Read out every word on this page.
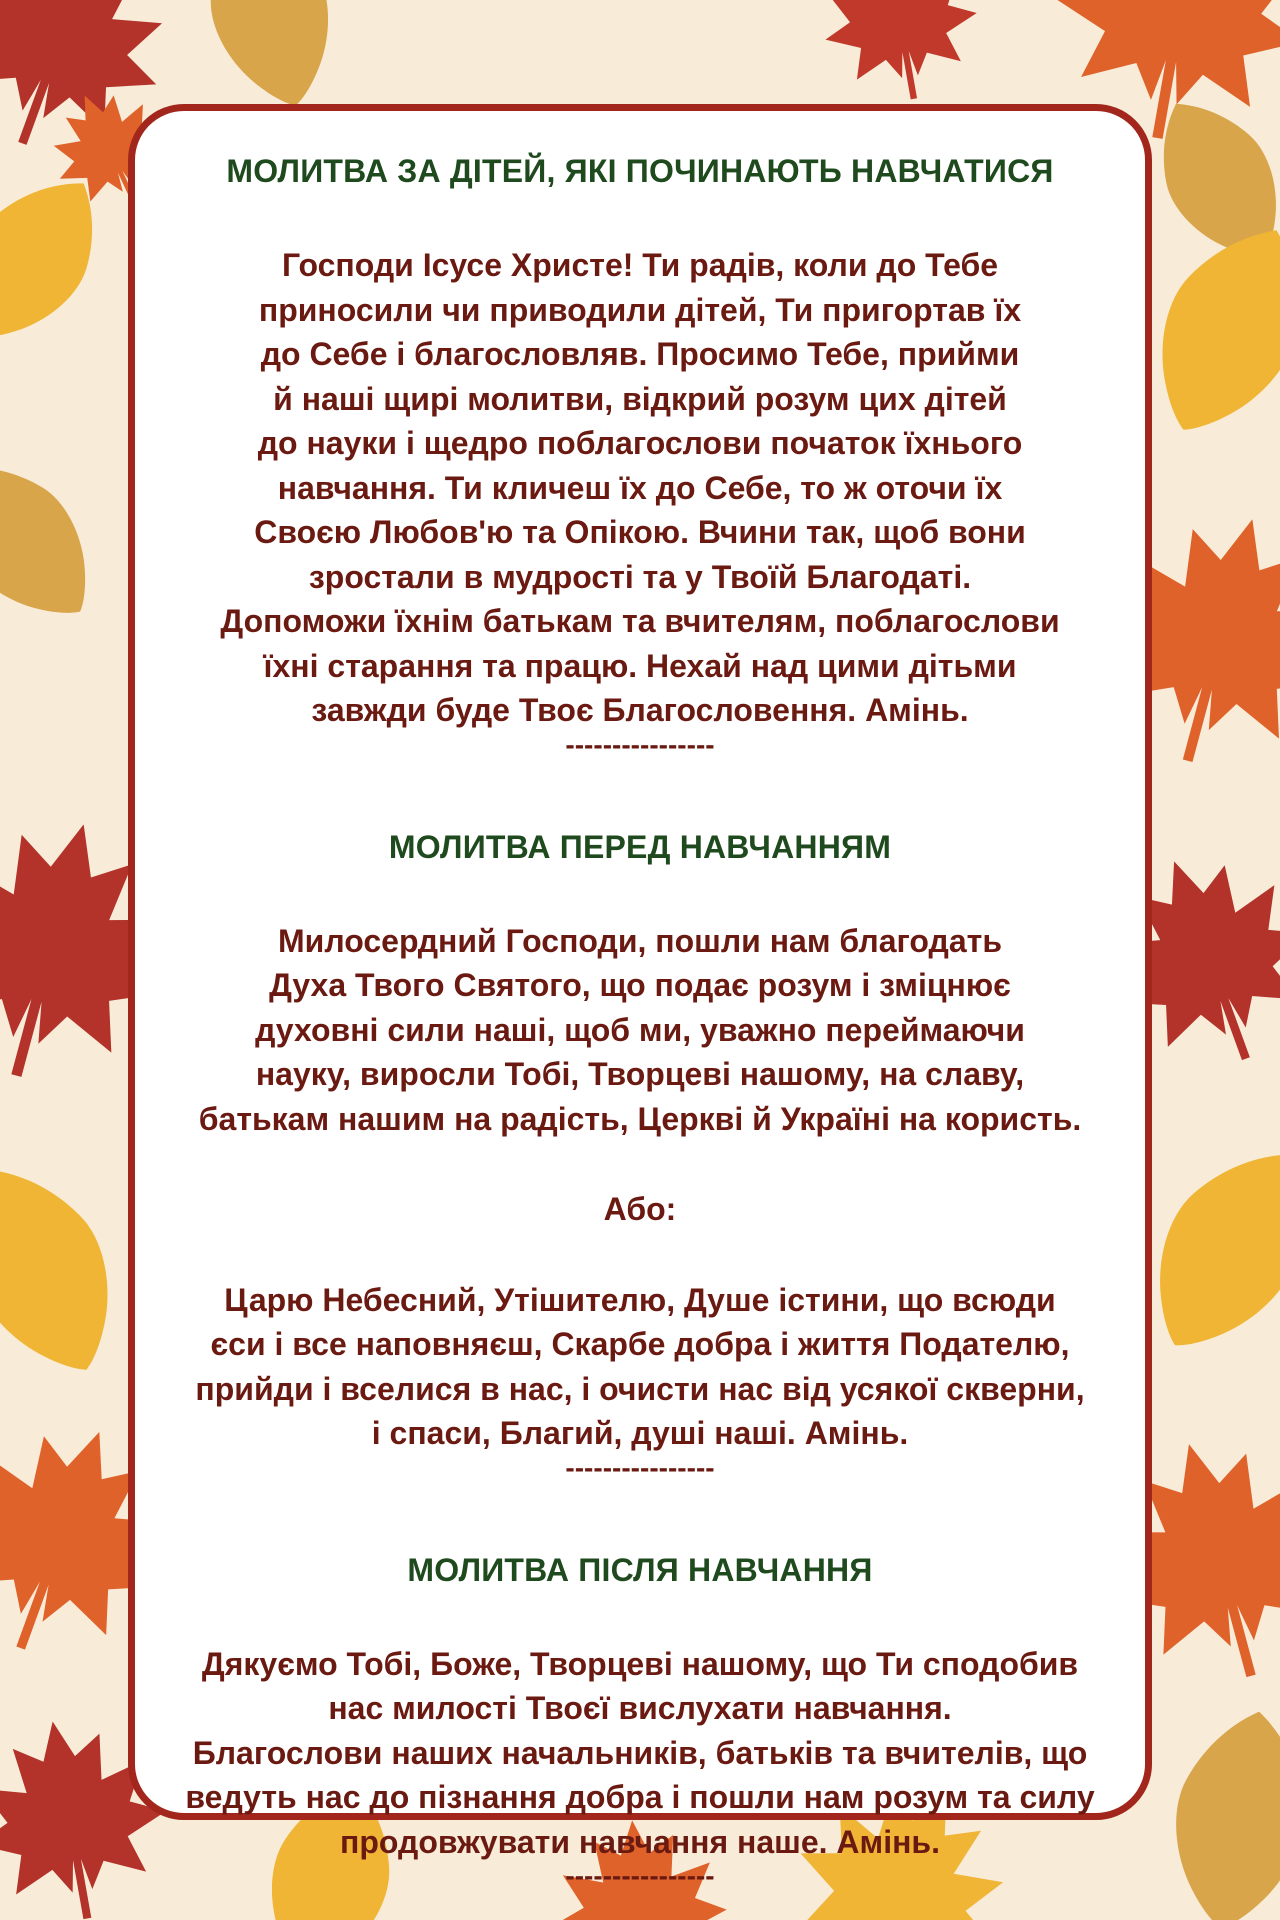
МОЛИТВА ЗА ДІТЕЙ, ЯКІ ПОЧИНАЮТЬ НАВЧАТИСЯ
Господи Ісусе Христе! Ти радів, коли до Тебе
приносили чи приводили дітей, Ти пригортав їх
до Себе і благословляв. Просимо Тебе, прийми
й наші щирі молитви, відкрий розум цих дітей
до науки і щедро поблагослови початок їхнього
навчання. Ти кличеш їх до Себе, то ж оточи їх
Своєю Любов'ю та Опікою. Вчини так, щоб вони
зростали в мудрості та у Твоїй Благодаті.
Допоможи їхнім батькам та вчителям, поблагослови
їхні старання та працю. Нехай над цими дітьми
завжди буде Твоє Благословення. Амінь.
----------------
МОЛИТВА ПЕРЕД НАВЧАННЯМ
Милосердний Господи, пошли нам благодать
Духа Твого Святого, що подає розум і зміцнює
духовні сили наші, щоб ми, уважно переймаючи
науку, виросли Тобі, Творцеві нашому, на славу,
батькам нашим на радість, Церкві й Україні на користь.
Або:
Царю Небесний, Утішителю, Душе істини, що всюди
єси і все наповняєш, Скарбе добра і життя Подателю,
прийди і вселися в нас, і очисти нас від усякої скверни,
і спаси, Благий, душі наші. Амінь.
----------------
МОЛИТВА ПІСЛЯ НАВЧАННЯ
Дякуємо Тобі, Боже, Творцеві нашому, що Ти сподобив
нас милості Твоєї вислухати навчання.
Благослови наших начальників, батьків та вчителів, що
ведуть нас до пізнання добра і пошли нам розум та силу
продовжувати навчання наше. Амінь.
----------------
